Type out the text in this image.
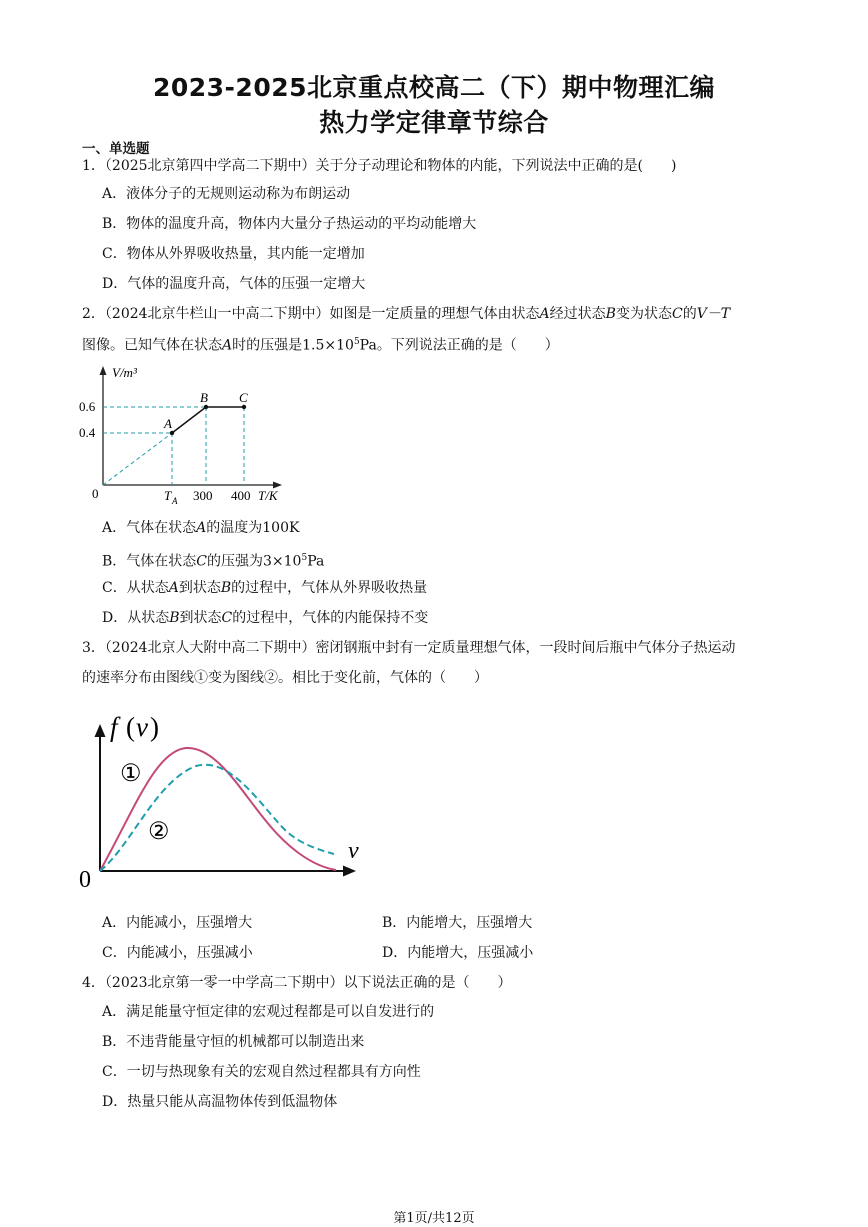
2023-2025北京重点校高二（下）期中物理汇编
热力学定律章节综合
一、单选题
1．（2025北京第四中学高二下期中）关于分子动理论和物体的内能，下列说法中正确的是(　　)
A．液体分子的无规则运动称为布朗运动
B．物体的温度升高，物体内大量分子热运动的平均动能增大
C．物体从外界吸收热量，其内能一定增加
D．气体的温度升高，气体的压强一定增大
2．（2024北京牛栏山一中高二下期中）如图是一定质量的理想气体由状态A经过状态B变为状态C的V－T
图像。已知气体在状态A时的压强是$1.5\times 10^5Pa$。下列说法正确的是（　　）
V/m³
0.6
0.4
0	T A 300 400 T/K
A
B C
A．气体在状态A的温度为100K
B．气体在状态C的压强为$3\times 10^5Pa$
C．从状态A到状态B的过程中，气体从外界吸收热量
D．从状态B到状态C的过程中，气体的内能保持不变
3．（2024北京人大附中高二下期中）密闭钢瓶中封有一定质量理想气体，一段时间后瓶中气体分子热运动
的速率分布由图线①变为图线②。相比于变化前，气体的（　　）
f ( v )
v
0
①
②
A．内能减小，压强增大	B．内能增大，压强增大
C．内能减小，压强减小	D．内能增大，压强减小
4．（2023北京第一零一中学高二下期中）以下说法正确的是（　　）
A．满足能量守恒定律的宏观过程都是可以自发进行的
B．不违背能量守恒的机械都可以制造出来
C．一切与热现象有关的宏观自然过程都具有方向性
D．热量只能从高温物体传到低温物体
第1页/共12页
